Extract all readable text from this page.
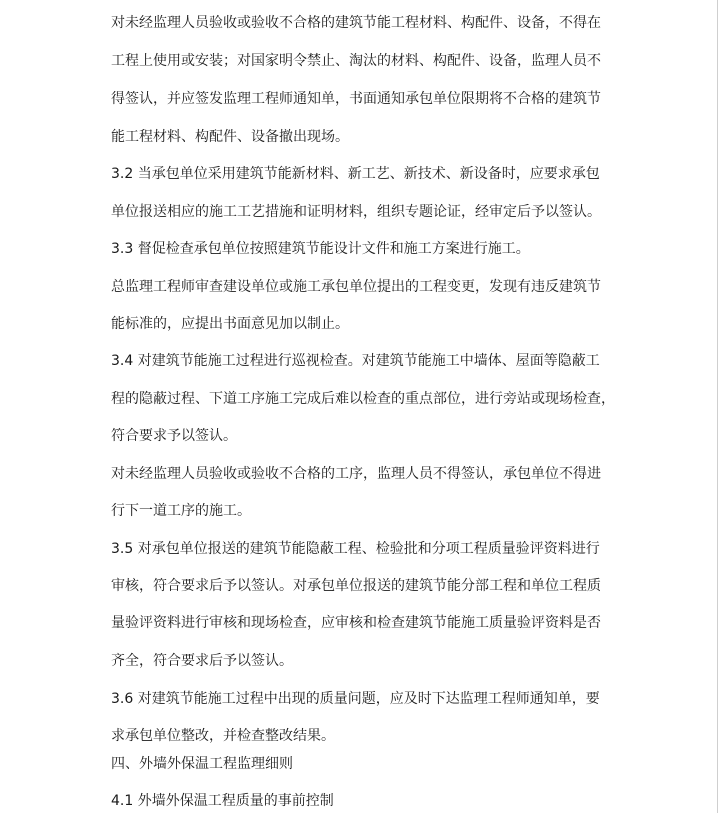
对未经监理人员验收或验收不合格的建筑节能工程材料、构配件、设备，不得在
工程上使用或安装；对国家明令禁止、淘汰的材料、构配件、设备，监理人员不
得签认，并应签发监理工程师通知单，书面通知承包单位限期将不合格的建筑节
能工程材料、构配件、设备撤出现场。
3.2 当承包单位采用建筑节能新材料、新工艺、新技术、新设备时，应要求承包
单位报送相应的施工工艺措施和证明材料，组织专题论证，经审定后予以签认。
3.3 督促检查承包单位按照建筑节能设计文件和施工方案进行施工。
总监理工程师审查建设单位或施工承包单位提出的工程变更，发现有违反建筑节
能标准的，应提出书面意见加以制止。
3.4 对建筑节能施工过程进行巡视检查。对建筑节能施工中墙体、屋面等隐蔽工
程的隐蔽过程、下道工序施工完成后难以检查的重点部位，进行旁站或现场检查，
符合要求予以签认。
对未经监理人员验收或验收不合格的工序，监理人员不得签认，承包单位不得进
行下一道工序的施工。
3.5 对承包单位报送的建筑节能隐蔽工程、检验批和分项工程质量验评资料进行
审核，符合要求后予以签认。对承包单位报送的建筑节能分部工程和单位工程质
量验评资料进行审核和现场检查，应审核和检查建筑节能施工质量验评资料是否
齐全，符合要求后予以签认。
3.6 对建筑节能施工过程中出现的质量问题，应及时下达监理工程师通知单，要
求承包单位整改，并检查整改结果。
四、外墙外保温工程监理细则
4.1 外墙外保温工程质量的事前控制
